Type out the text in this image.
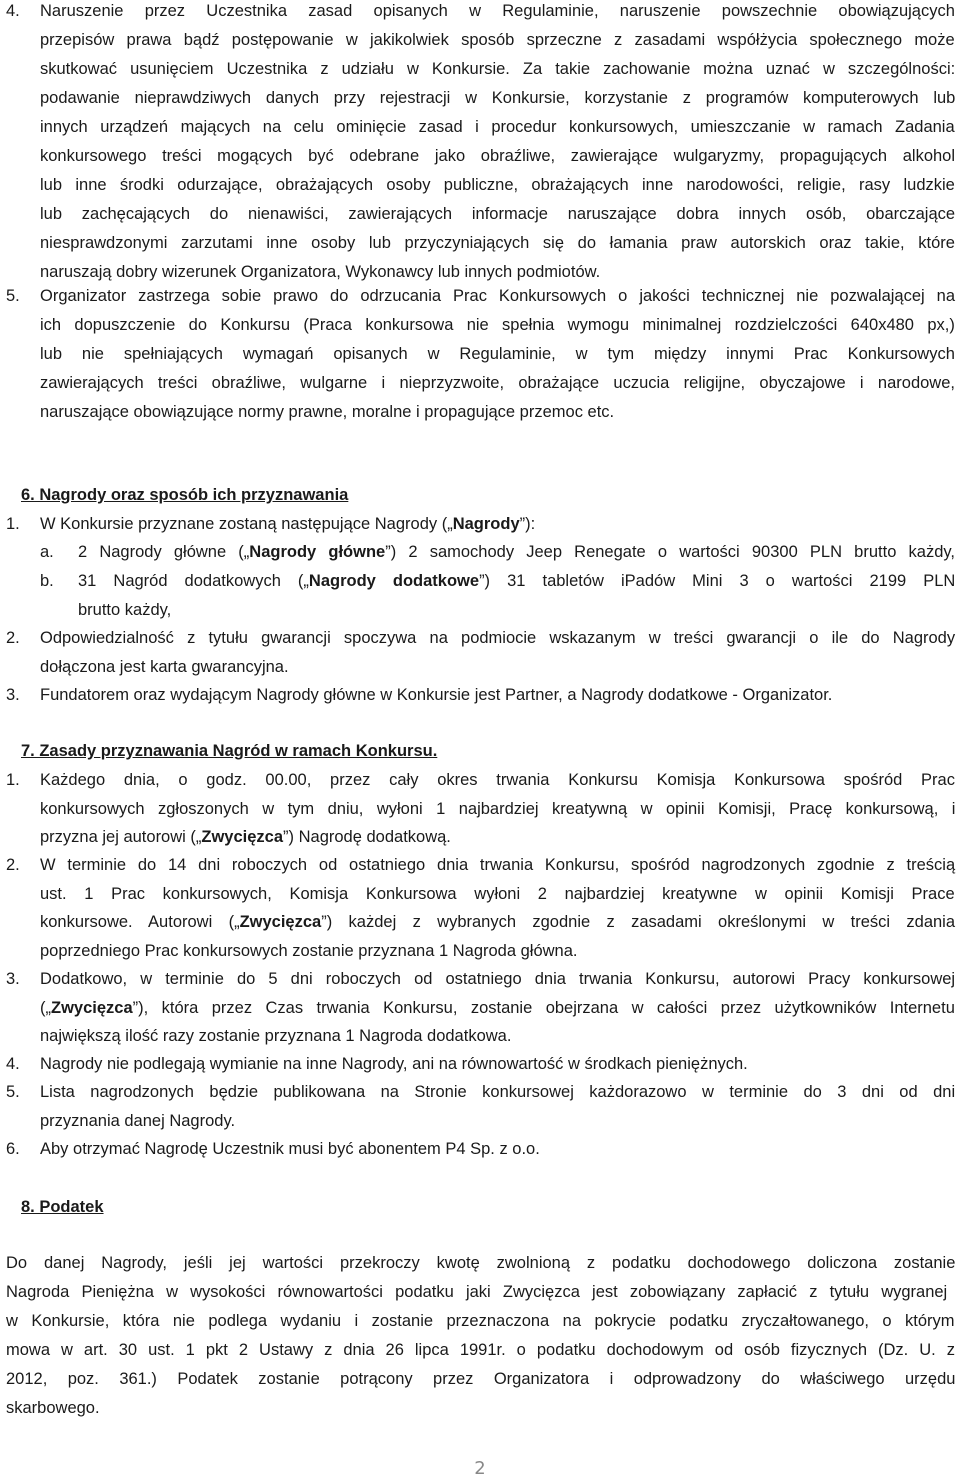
4. Naruszenie przez Uczestnika zasad opisanych w Regulaminie, naruszenie powszechnie obowiązujących
przepisów prawa bądź postępowanie w jakikolwiek sposób sprzeczne z zasadami współżycia społecznego może
skutkować usunięciem Uczestnika z udziału w Konkursie. Za takie zachowanie można uznać w szczególności:
podawanie nieprawdziwych danych przy rejestracji w Konkursie, korzystanie z programów komputerowych lub
innych urządzeń mających na celu ominięcie zasad i procedur konkursowych, umieszczanie w ramach Zadania
konkursowego treści mogących być odebrane jako obraźliwe, zawierające wulgaryzmy, propagujących alkohol
lub inne środki odurzające, obrażających osoby publiczne, obrażających inne narodowości, religie, rasy ludzkie
lub zachęcających do nienawiści, zawierających informacje naruszające dobra innych osób, obarczające
niesprawdzonymi zarzutami inne osoby lub przyczyniających się do łamania praw autorskich oraz takie, które
naruszają dobry wizerunek Organizatora, Wykonawcy lub innych podmiotów.
5. Organizator zastrzega sobie prawo do odrzucania Prac Konkursowych o jakości technicznej nie pozwalającej na
ich dopuszczenie do Konkursu (Praca konkursowa nie spełnia wymogu minimalnej rozdzielczości 640x480 px,)
lub nie spełniających wymagań opisanych w Regulaminie, w tym między innymi Prac Konkursowych
zawierających treści obraźliwe, wulgarne i nieprzyzwoite, obrażające uczucia religijne, obyczajowe i narodowe,
naruszające obowiązujące normy prawne, moralne i propagujące przemoc etc.
6. Nagrody oraz sposób ich przyznawania
1. W Konkursie przyznane zostaną następujące Nagrody („Nagrody”):
a. 2 Nagrody główne („Nagrody główne”) 2 samochody Jeep Renegate o wartości 90300 PLN brutto każdy,
b. 31 Nagród dodatkowych („Nagrody dodatkowe”) 31 tabletów iPadów Mini 3 o wartości 2199 PLN
brutto każdy,
2. Odpowiedzialność z tytułu gwarancji spoczywa na podmiocie wskazanym w treści gwarancji o ile do Nagrody
dołączona jest karta gwarancyjna.
3. Fundatorem oraz wydającym Nagrody główne w Konkursie jest Partner, a Nagrody dodatkowe - Organizator.
7. Zasady przyznawania Nagród w ramach Konkursu.
1. Każdego dnia, o godz. 00.00, przez cały okres trwania Konkursu Komisja Konkursowa spośród Prac
konkursowych zgłoszonych w tym dniu, wyłoni 1 najbardziej kreatywną w opinii Komisji, Pracę konkursową, i
przyzna jej autorowi („Zwycięzca”) Nagrodę dodatkową.
2. W terminie do 14 dni roboczych od ostatniego dnia trwania Konkursu, spośród nagrodzonych zgodnie z treścią
ust. 1 Prac konkursowych, Komisja Konkursowa wyłoni 2 najbardziej kreatywne w opinii Komisji Prace
konkursowe. Autorowi („Zwycięzca”) każdej z wybranych zgodnie z zasadami określonymi w treści zdania
poprzedniego Prac konkursowych zostanie przyznana 1 Nagroda główna.
3. Dodatkowo, w terminie do 5 dni roboczych od ostatniego dnia trwania Konkursu, autorowi Pracy konkursowej
(„Zwycięzca”), która przez Czas trwania Konkursu, zostanie obejrzana w całości przez użytkowników Internetu
największą ilość razy zostanie przyznana 1 Nagroda dodatkowa.
4. Nagrody nie podlegają wymianie na inne Nagrody, ani na równowartość w środkach pieniężnych.
5. Lista nagrodzonych będzie publikowana na Stronie konkursowej każdorazowo w terminie do 3 dni od dni
przyznania danej Nagrody.
6. Aby otrzymać Nagrodę Uczestnik musi być abonentem P4 Sp. z o.o.
8. Podatek
Do danej Nagrody, jeśli jej wartości przekroczy kwotę zwolnioną z podatku dochodowego doliczona zostanie
Nagroda Pieniężna w wysokości równowartości podatku jaki Zwycięzca jest zobowiązany zapłacić z tytułu wygranej
w Konkursie, która nie podlega wydaniu i zostanie przeznaczona na pokrycie podatku zryczałtowanego, o którym
mowa w art. 30 ust. 1 pkt 2 Ustawy z dnia 26 lipca 1991r. o podatku dochodowym od osób fizycznych (Dz. U. z
2012, poz. 361.) Podatek zostanie potrącony przez Organizatora i odprowadzony do właściwego urzędu
skarbowego.
2
